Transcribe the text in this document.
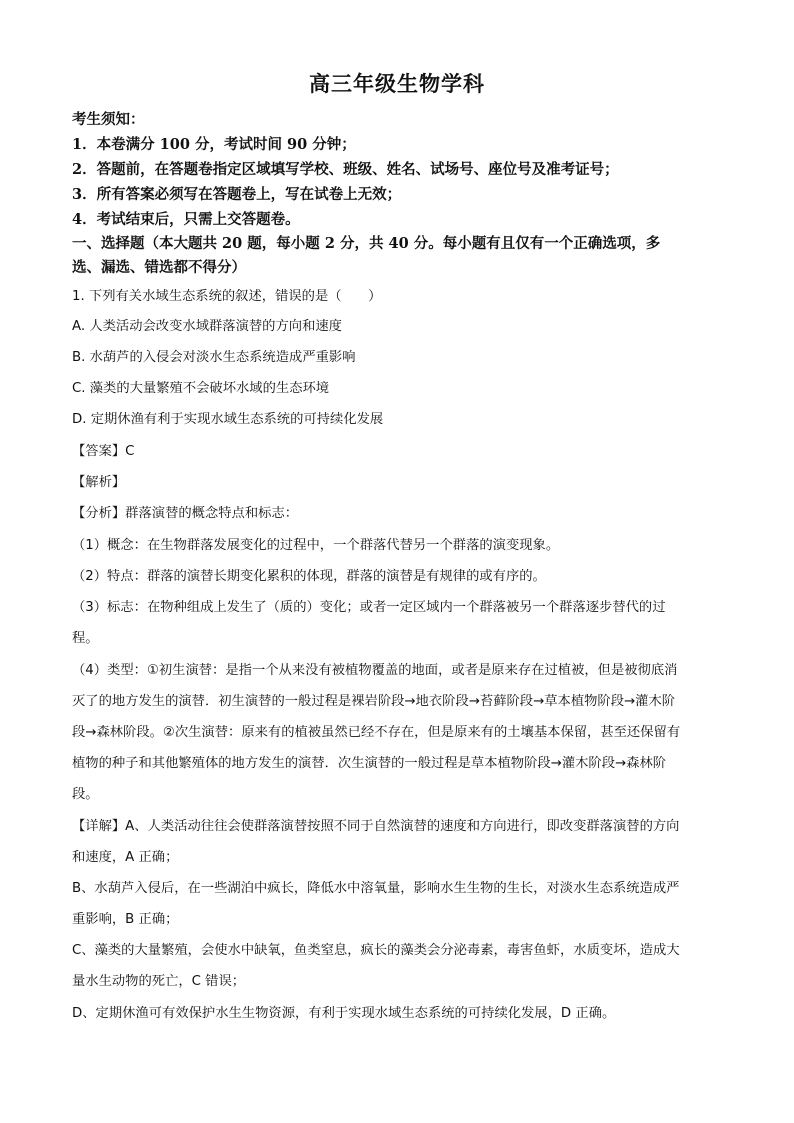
高三年级生物学科
考生须知：
1．本卷满分 100 分，考试时间 90 分钟；
2．答题前，在答题卷指定区域填写学校、班级、姓名、试场号、座位号及准考证号；
3．所有答案必须写在答题卷上，写在试卷上无效；
4．考试结束后，只需上交答题卷。
一、选择题（本大题共 20 题，每小题 2 分，共 40 分。每小题有且仅有一个正确选项，多
选、漏选、错选都不得分）
1. 下列有关水域生态系统的叙述，错误的是（　　）
A. 人类活动会改变水域群落演替的方向和速度
B. 水葫芦的入侵会对淡水生态系统造成严重影响
C. 藻类的大量繁殖不会破坏水域的生态环境
D. 定期休渔有利于实现水域生态系统的可持续化发展
【答案】C
【解析】
【分析】群落演替的概念特点和标志：
（1）概念：在生物群落发展变化的过程中，一个群落代替另一个群落的演变现象。
（2）特点：群落的演替长期变化累积的体现，群落的演替是有规律的或有序的。
（3）标志：在物种组成上发生了（质的）变化；或者一定区域内一个群落被另一个群落逐步替代的过
程。
（4）类型：①初生演替：是指一个从来没有被植物覆盖的地面，或者是原来存在过植被，但是被彻底消
灭了的地方发生的演替．初生演替的一般过程是裸岩阶段→地衣阶段→苔藓阶段→草本植物阶段→灌木阶
段→森林阶段。②次生演替：原来有的植被虽然已经不存在，但是原来有的土壤基本保留，甚至还保留有
植物的种子和其他繁殖体的地方发生的演替．次生演替的一般过程是草本植物阶段→灌木阶段→森林阶
段。
【详解】A、人类活动往往会使群落演替按照不同于自然演替的速度和方向进行，即改变群落演替的方向
和速度，A 正确；
B、水葫芦入侵后，在一些湖泊中疯长，降低水中溶氧量，影响水生生物的生长，对淡水生态系统造成严
重影响，B 正确；
C、藻类的大量繁殖，会使水中缺氧，鱼类窒息，疯长的藻类会分泌毒素，毒害鱼虾，水质变坏，造成大
量水生动物的死亡，C 错误；
D、定期休渔可有效保护水生生物资源，有利于实现水域生态系统的可持续化发展，D 正确。
